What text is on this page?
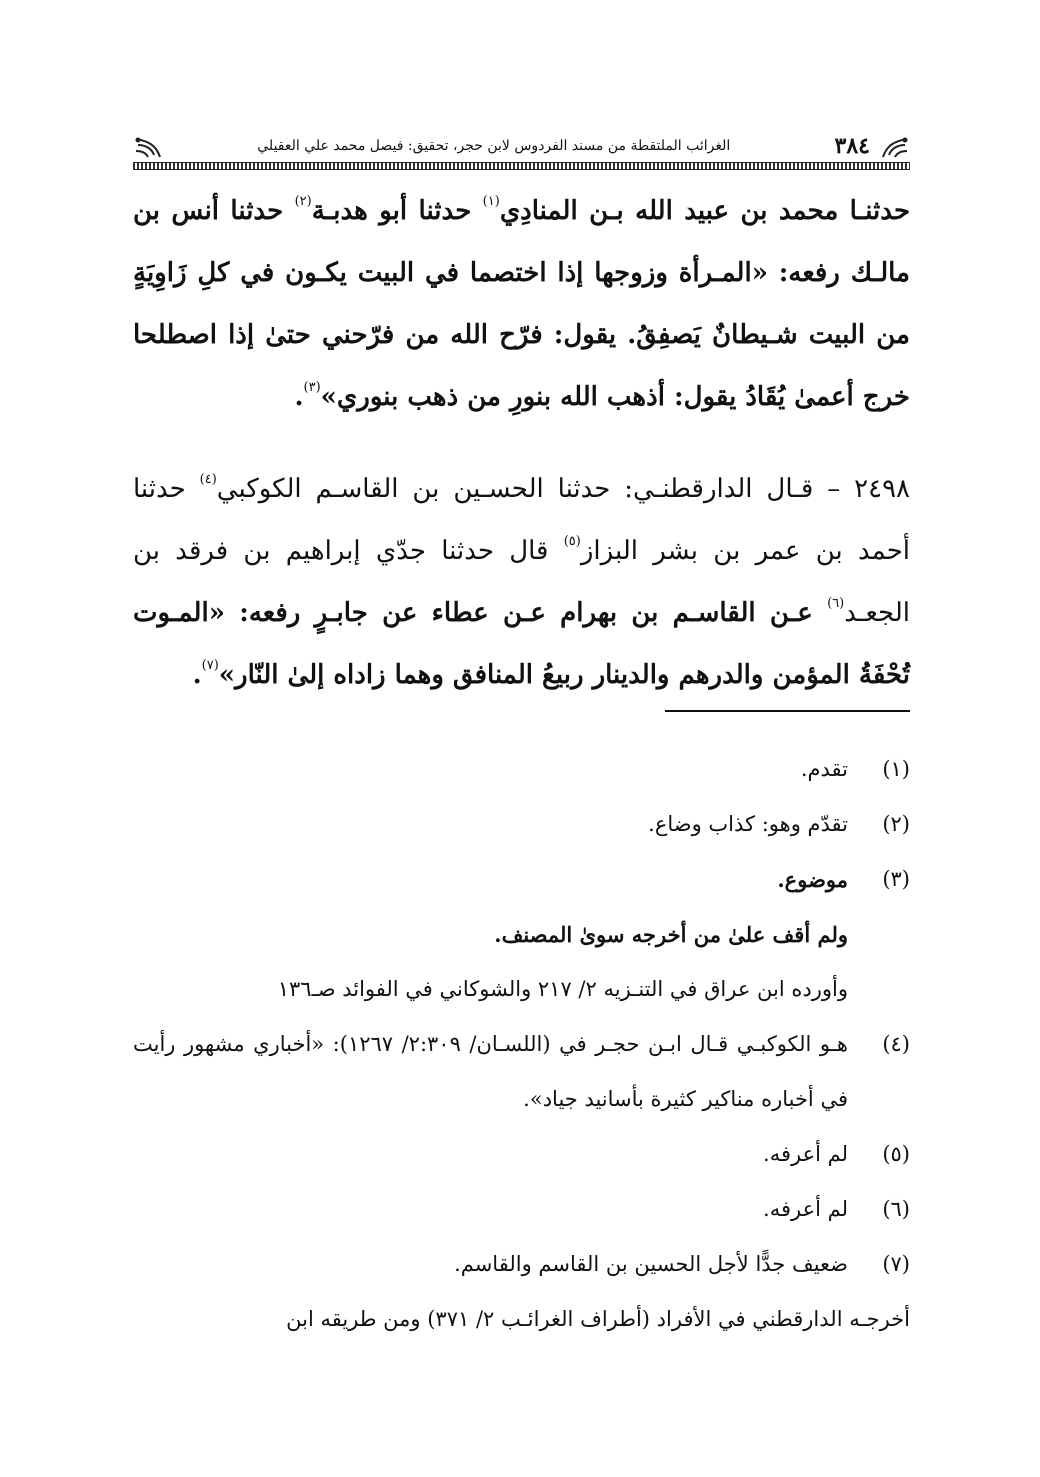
٣٨٤
الغرائب الملتقطة من مسند الفردوس لابن حجر، تحقيق: فيصل محمد علي العقيلي
حدثنـا محمد بن عبيد الله بـن المنادِي$^{(١)}$ حدثنا أبو هدبـة$^{(٢)}$ حدثنا أنس بن مالـك رفعه: «المـرأة وزوجها إذا اختصما في البيت يكـون في كلِ زَاوِيَةٍ من البيت شـيطانٌ يَصفِقُ. يقول: فرّح الله من فرّحني حتىٰ إذا اصطلحا خرج أعمىٰ يُقَادُ يقول: أذهب الله بنورِ من ذهب بنوري»$^{(٣)}$.
٢٤٩٨ – قـال الدارقطنـي: حدثنا الحسـين بن القاسـم الكوكبي$^{(٤)}$ حدثنا أحمد بن عمر بن بشر البزاز$^{(٥)}$ قال حدثنا جدّي إبراهيم بن فرقد بن الجعـد$^{(٦)}$ عـن القاسـم بن بهرام عـن عطاء عن جابـرٍ رفعه: «المـوت تُحْفَةُ المؤمن والدرهم والدينار ربيعُ المنافق وهما زاداه إلىٰ النّار»$^{(٧)}$.
(١)
تقدم.
(٢)
تقدّم وهو: كذاب وضاع.
(٣)
موضوع.
ولم أقف علىٰ من أخرجه سوىٰ المصنف.
وأورده ابن عراق في التنـزيه ٢/ ٢١٧ والشوكاني في الفوائد صـ١٣٦
(٤)
هـو الكوكبـي قـال ابـن حجـر في (اللسـان/ ٢:٣٠٩/ ١٢٦٧): «أخباري مشهور رأيت في أخباره مناكير كثيرة بأسانيد جياد».
(٥)
لم أعرفه.
(٦)
لم أعرفه.
(٧)
ضعيف جدًّا لأجل الحسين بن القاسم والقاسم.
أخرجـه الدارقطني في الأفراد (أطراف الغرائـب ٢/ ٣٧١) ومن طريقه ابن
